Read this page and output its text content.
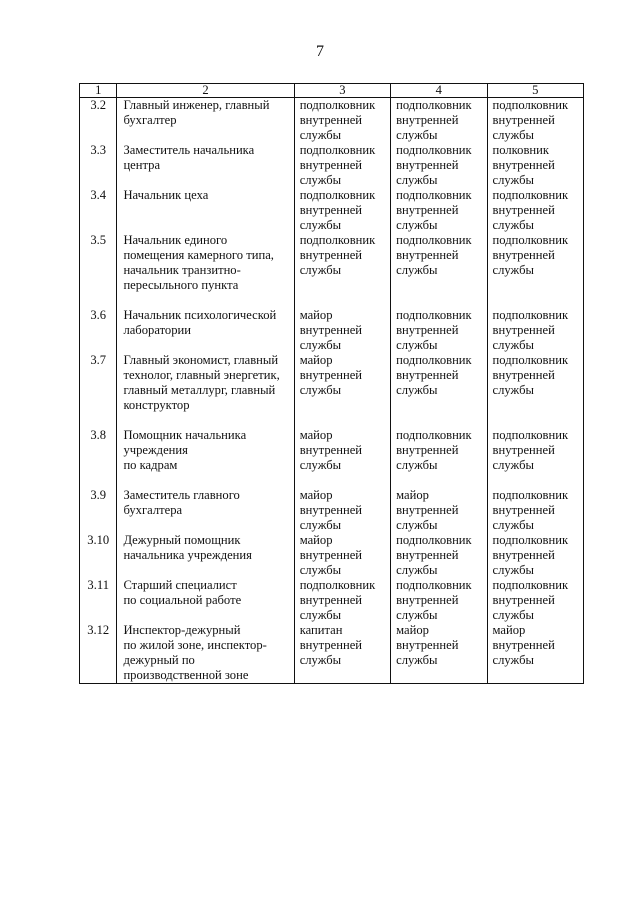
7
1	2	3	4	5

3.2	Главный инженер, главный
бухгалтер	подполковник
внутренней
службы	подполковник
внутренней
службы	подполковник
внутренней
службы

3.3	Заместитель начальника
центра	подполковник
внутренней
службы	подполковник
внутренней
службы	полковник
внутренней
службы

3.4	Начальник цеха	подполковник
внутренней
службы	подполковник
внутренней
службы	подполковник
внутренней
службы

3.5	Начальник единого
помещения камерного типа,
начальник транзитно-
пересыльного пункта	подполковник
внутренней
службы	подполковник
внутренней
службы	подполковник
внутренней
службы

3.6	Начальник психологической
лаборатории	майор
внутренней
службы	подполковник
внутренней
службы	подполковник
внутренней
службы

3.7	Главный экономист, главный
технолог, главный энергетик,
главный металлург, главный
конструктор	майор
внутренней
службы	подполковник
внутренней
службы	подполковник
внутренней
службы

3.8	Помощник начальника
учреждения
по кадрам	майор
внутренней
службы	подполковник
внутренней
службы	подполковник
внутренней
службы

3.9	Заместитель главного
бухгалтера	майор
внутренней
службы	майор
внутренней
службы	подполковник
внутренней
службы

3.10	Дежурный помощник
начальника учреждения	майор
внутренней
службы	подполковник
внутренней
службы	подполковник
внутренней
службы

3.11	Старший специалист
по социальной работе	подполковник
внутренней
службы	подполковник
внутренней
службы	подполковник
внутренней
службы

3.12	Инспектор-дежурный
по жилой зоне, инспектор-
дежурный по
производственной зоне	капитан
внутренней
службы	майор
внутренней
службы	майор
внутренней
службы
